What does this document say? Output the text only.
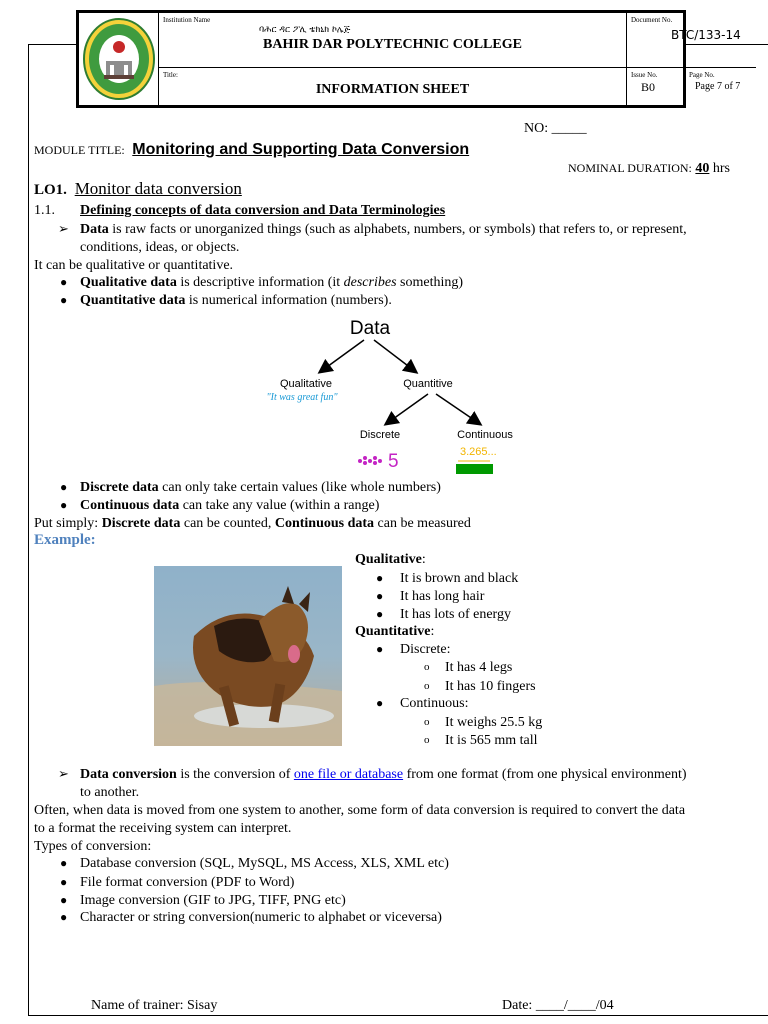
Institution Name
ባሕር ዳር ፖሊ ቴክኒክ ኮሌጅ
BAHIR DAR POLYTECHNIC COLLEGE
Title:
INFORMATION SHEET
Document No.
BTC/133-14
Issue No.
B0
Page No.
Page 7 of 7
NO: _____
MODULE TITLE: Monitoring and Supporting Data Conversion
NOMINAL DURATION: 40 hrs
LO1. Monitor data conversion
1.1. Defining concepts of data conversion and Data Terminologies
➢ Data is raw facts or unorganized things (such as alphabets, numbers, or symbols) that refers to, or represent,
conditions, ideas, or objects.
It can be qualitative or quantitative.
● Qualitative data is descriptive information (it describes something)
● Quantitative data is numerical information (numbers).
Data
Qualitative
"It was great fun"
Quantitive
Discrete	Continuous
5	3.265...
● Discrete data can only take certain values (like whole numbers)
● Continuous data can take any value (within a range)
Put simply: Discrete data can be counted, Continuous data can be measured
Example:
Qualitative:
● It is brown and black
● It has long hair
● It has lots of energy
Quantitative:
● Discrete:
o It has 4 legs
o It has 10 fingers
● Continuous:
o It weighs 25.5 kg
o It is 565 mm tall
➢ Data conversion is the conversion of one file or database from one format (from one physical environment)
to another.
Often, when data is moved from one system to another, some form of data conversion is required to convert the data
to a format the receiving system can interpret.
Types of conversion:
● Database conversion (SQL, MySQL, MS Access, XLS, XML etc)
● File format conversion (PDF to Word)
● Image conversion (GIF to JPG, TIFF, PNG etc)
● Character or string conversion(numeric to alphabet or viceversa)
Name of trainer: Sisay	Date: ____/____/04
